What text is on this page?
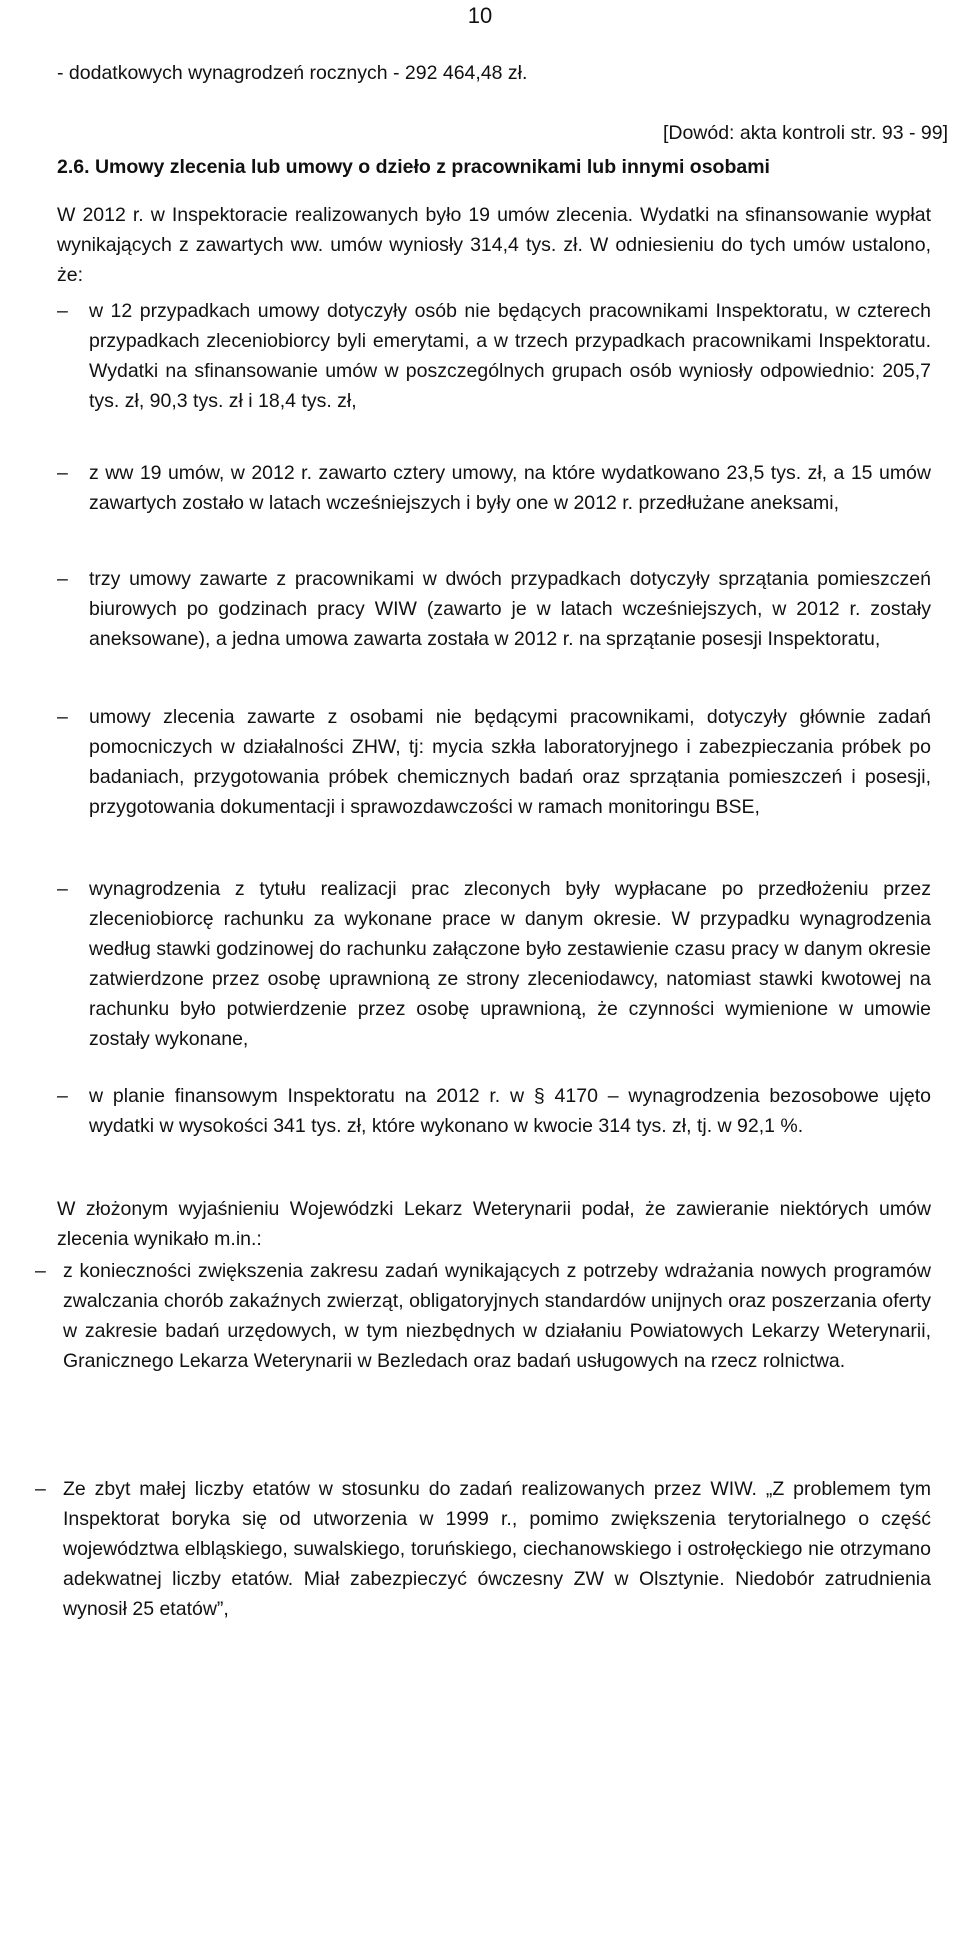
10
- dodatkowych wynagrodzeń rocznych - 292 464,48 zł.
[Dowód: akta kontroli str. 93 - 99]
2.6. Umowy zlecenia lub umowy o dzieło z pracownikami lub innymi osobami
W 2012 r. w Inspektoracie realizowanych było 19 umów zlecenia. Wydatki na sfinansowanie wypłat wynikających z zawartych ww. umów wyniosły 314,4 tys. zł. W odniesieniu do tych umów ustalono, że:
–	w 12 przypadkach umowy dotyczyły osób nie będących pracownikami Inspektoratu, w czterech przypadkach zleceniobiorcy byli emerytami, a w trzech przypadkach pracownikami Inspektoratu. Wydatki na sfinansowanie umów w poszczególnych grupach osób wyniosły odpowiednio: 205,7 tys. zł, 90,3 tys. zł i 18,4 tys. zł,
–	z ww 19 umów, w 2012 r. zawarto cztery umowy, na które wydatkowano 23,5 tys. zł, a 15 umów zawartych zostało w latach wcześniejszych i były one w 2012 r. przedłużane aneksami,
–	trzy umowy zawarte z pracownikami w dwóch przypadkach dotyczyły sprzątania pomieszczeń biurowych po godzinach pracy WIW (zawarto je w latach wcześniejszych, w 2012 r. zostały aneksowane), a jedna umowa zawarta została w 2012 r. na sprzątanie posesji Inspektoratu,
–	umowy zlecenia zawarte z osobami nie będącymi pracownikami, dotyczyły głównie zadań pomocniczych w działalności ZHW, tj: mycia szkła laboratoryjnego i zabezpieczania próbek po badaniach, przygotowania próbek chemicznych badań oraz sprzątania pomieszczeń i posesji, przygotowania dokumentacji i sprawozdawczości w ramach monitoringu BSE,
–	wynagrodzenia z tytułu realizacji prac zleconych były wypłacane po przedłożeniu przez zleceniobiorcę rachunku za wykonane prace w danym okresie. W przypadku wynagrodzenia według stawki godzinowej do rachunku załączone było zestawienie czasu pracy w danym okresie zatwierdzone przez osobę uprawnioną ze strony zleceniodawcy, natomiast stawki kwotowej na rachunku było potwierdzenie przez osobę uprawnioną, że czynności wymienione w umowie zostały wykonane,
–	w planie finansowym Inspektoratu na 2012 r. w § 4170 – wynagrodzenia bezosobowe ujęto wydatki w wysokości 341 tys. zł, które wykonano w kwocie 314 tys. zł, tj. w 92,1 %.
W złożonym wyjaśnieniu Wojewódzki Lekarz Weterynarii podał, że zawieranie niektórych umów zlecenia wynikało m.in.:
– z konieczności zwiększenia zakresu zadań wynikających z potrzeby wdrażania nowych programów zwalczania chorób zakaźnych zwierząt, obligatoryjnych standardów unijnych oraz poszerzania oferty w zakresie badań urzędowych, w tym niezbędnych w działaniu Powiatowych Lekarzy Weterynarii, Granicznego Lekarza Weterynarii w Bezledach oraz badań usługowych na rzecz rolnictwa.
– Ze zbyt małej liczby etatów w stosunku do zadań realizowanych przez WIW. „Z problemem tym Inspektorat boryka się od utworzenia w 1999 r., pomimo zwiększenia terytorialnego o część województwa elbląskiego, suwalskiego, toruńskiego, ciechanowskiego i ostrołęckiego nie otrzymano adekwatnej liczby etatów. Miał zabezpieczyć ówczesny ZW w Olsztynie. Niedobór zatrudnienia wynosił 25 etatów”,
